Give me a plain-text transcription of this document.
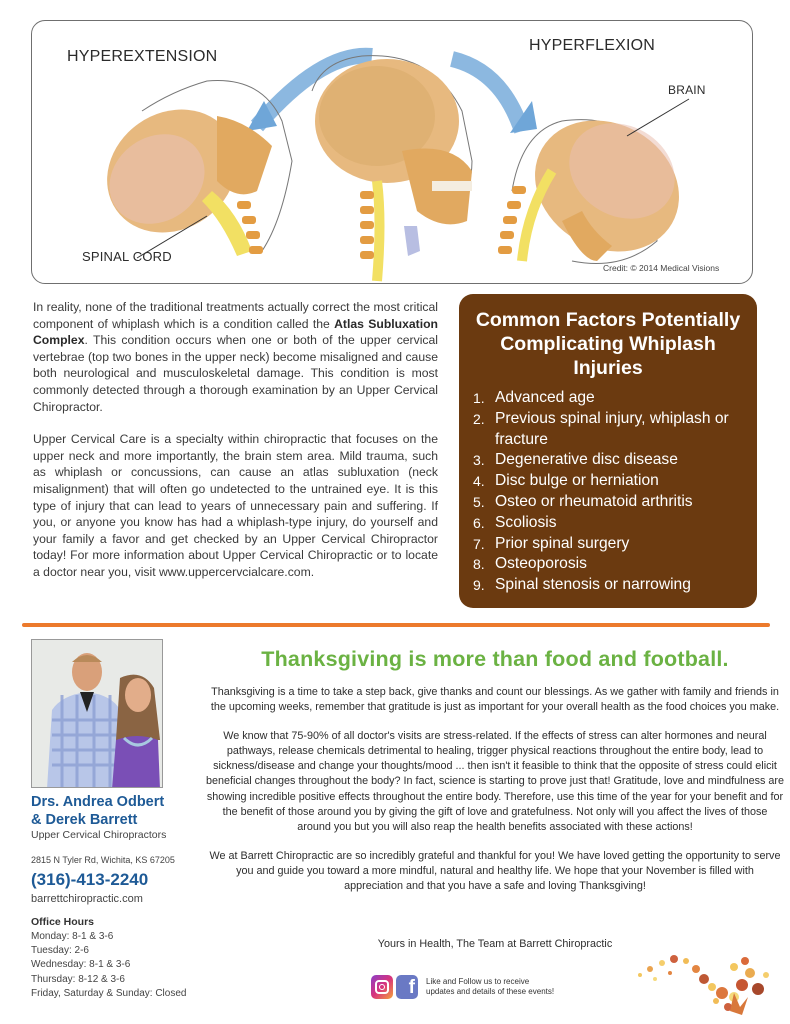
HYPEREXTENSION
HYPERFLEXION
BRAIN
SPINAL CORD
Credit: © 2014 Medical Visions

In reality, none of the traditional treatments actually correct the most critical component of whiplash which is a condition called the Atlas Subluxation Complex. This condition occurs when one or both of the upper cervical vertebrae (top two bones in the upper neck) become misaligned and cause both neurological and musculoskeletal damage. This condition is most commonly detected through a thorough examination by an Upper Cervical Chiropractor.

Upper Cervical Care is a specialty within chiropractic that focuses on the upper neck and more importantly, the brain stem area. Mild trauma, such as whiplash or concussions, can cause an atlas subluxation (neck misalignment) that will often go undetected to the untrained eye. It is this type of injury that can lead to years of unnecessary pain and suffering. If you, or anyone you know has had a whiplash-type injury, do yourself and your family a favor and get checked by an Upper Cervical Chiropractor today! For more information about Upper Cervical Chiropractic or to locate a doctor near you, visit www.uppercervcialcare.com.

Common Factors Potentially Complicating Whiplash Injuries
1. Advanced age
2. Previous spinal injury, whiplash or fracture
3. Degenerative disc disease
4. Disc bulge or herniation
5. Osteo or rheumatoid arthritis
6. Scoliosis
7. Prior spinal surgery
8. Osteoporosis
9. Spinal stenosis or narrowing
Drs. Andrea Odbert
& Derek Barrett
Upper Cervical Chiropractors
2815 N Tyler Rd, Wichita, KS 67205
(316)-413-2240
barrettchiropractic.com
Office Hours
Monday: 8-1 & 3-6
Tuesday: 2-6
Wednesday: 8-1 & 3-6
Thursday: 8-12 & 3-6
Friday, Saturday & Sunday: Closed
Thanksgiving is more than food and football.

Thanksgiving is a time to take a step back, give thanks and count our blessings. As we gather with family and friends in the upcoming weeks, remember that gratitude is just as important for your overall health as the food choices you make.

We know that 75-90% of all doctor's visits are stress-related. If the effects of stress can alter hormones and neural pathways, release chemicals detrimental to healing, trigger physical reactions throughout the entire body, lead to sickness/disease and change your thoughts/mood ... then isn't it feasible to think that the opposite of stress could elicit beneficial changes throughout the body? In fact, science is starting to prove just that! Gratitude, love and mindfulness are showing incredible positive effects throughout the entire body. Therefore, use this time of the year for your benefit and for the benefit of those around you by giving the gift of love and gratefulness. Not only will you affect the lives of those around you but you will also reap the health benefits associated with these actions!

We at Barrett Chiropractic are so incredibly grateful and thankful for you! We have loved getting the opportunity to serve you and guide you toward a more mindful, natural and healthy life. We hope that your November is filled with appreciation and that you have a safe and loving Thanksgiving!

Yours in Health, The Team at Barrett Chiropractic
f	Like and Follow us to receive
updates and details of these events!
